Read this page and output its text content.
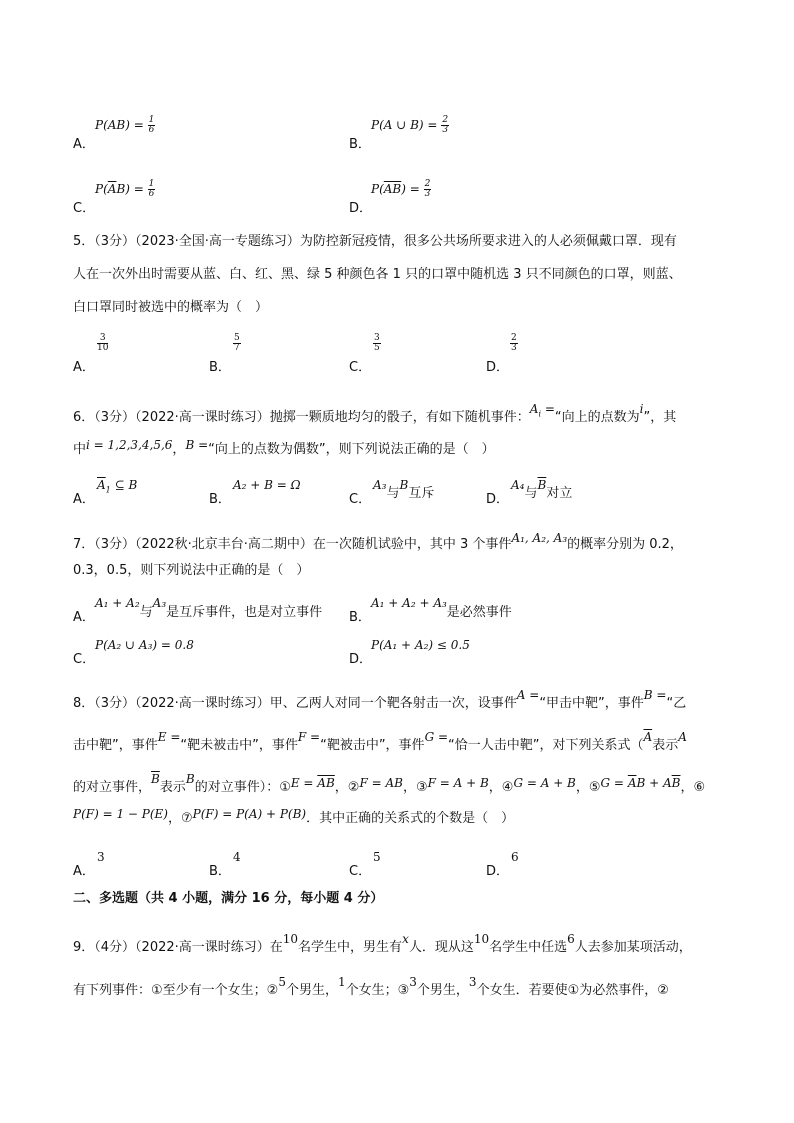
$P(AB) = \frac{1}{6}$
A．
P(A ∪ $B) = \frac{2}{3}$
B．
$P(\overline{A}B) = \frac{1}{6}$
C．
$P(\overline{AB}) = \frac{2}{3}$
D．
5．（3分）（2023·全国·高一专题练习）为防控新冠疫情，很多公共场所要求进入的人必须佩戴口罩．现有
人在一次外出时需要从蓝、白、红、黑、绿 5 种颜色各 1 只的口罩中随机选 3 只不同颜色的口罩，则蓝、
白口罩同时被选中的概率为（　）
A．
3
10
B．
5
7
C．
3
5
D．
2
3
6．（3分）（2022·高一课时练习）抛掷一颗质地均匀的骰子，有如下随机事件：$A_i$ =“向上的点数为i”，其
中i = 1,2,3,4,5,6，B =“向上的点数为偶数”，则下列说法正确的是（　）
A．
$\overline{A}_1$ ⊆ B
B．
A₂ + B = Ω
C．
A₃与B互斥	D．
A₄与$\overline{B}$对立
7．（3分）（2022秋·北京丰台·高二期中）在一次随机试验中，其中 3 个事件A₁, A₂, A₃的概率分别为 0.2，
0.3，0.5，则下列说法中正确的是（　）
A．
A₁ + A₂与A₃是互斥事件，也是对立事件 B．
A₁ + A₂ + A₃是必然事件
C．
P(A₂ ∪ A₃) = 0.8
D．
P(A₁ + A₂) ≤ 0.5
8．（3分）（2022·高一课时练习）甲、乙两人对同一个靶各射击一次，设事件A =“甲击中靶”，事件B =“乙
击中靶”，事件E =“靶未被击中”，事件F =“靶被击中”，事件G =“恰一人击中靶”，对下列关系式（$\overline{A}$表示A
的对立事件，$\overline{B}$表示B的对立事件）：①E = $\overline{AB}$，②F = AB，③F = A + B，④G = A + B，⑤G = $\overline{A}B + A\overline{B}$，⑥
P(F) = 1 − P(E)，⑦P(F) = P(A) + P(B)．其中正确的关系式的个数是（　）
A．
3
B．
4
C．
5
D．
6
二、多选题（共 4 小题，满分 16 分，每小题 4 分）
9．（4分）（2022·高一课时练习）在10名学生中，男生有x人．现从这10名学生中任选6人去参加某项活动，
有下列事件：①至少有一个女生；②5个男生，1个女生；③3个男生，3个女生．若要使①为必然事件，②
